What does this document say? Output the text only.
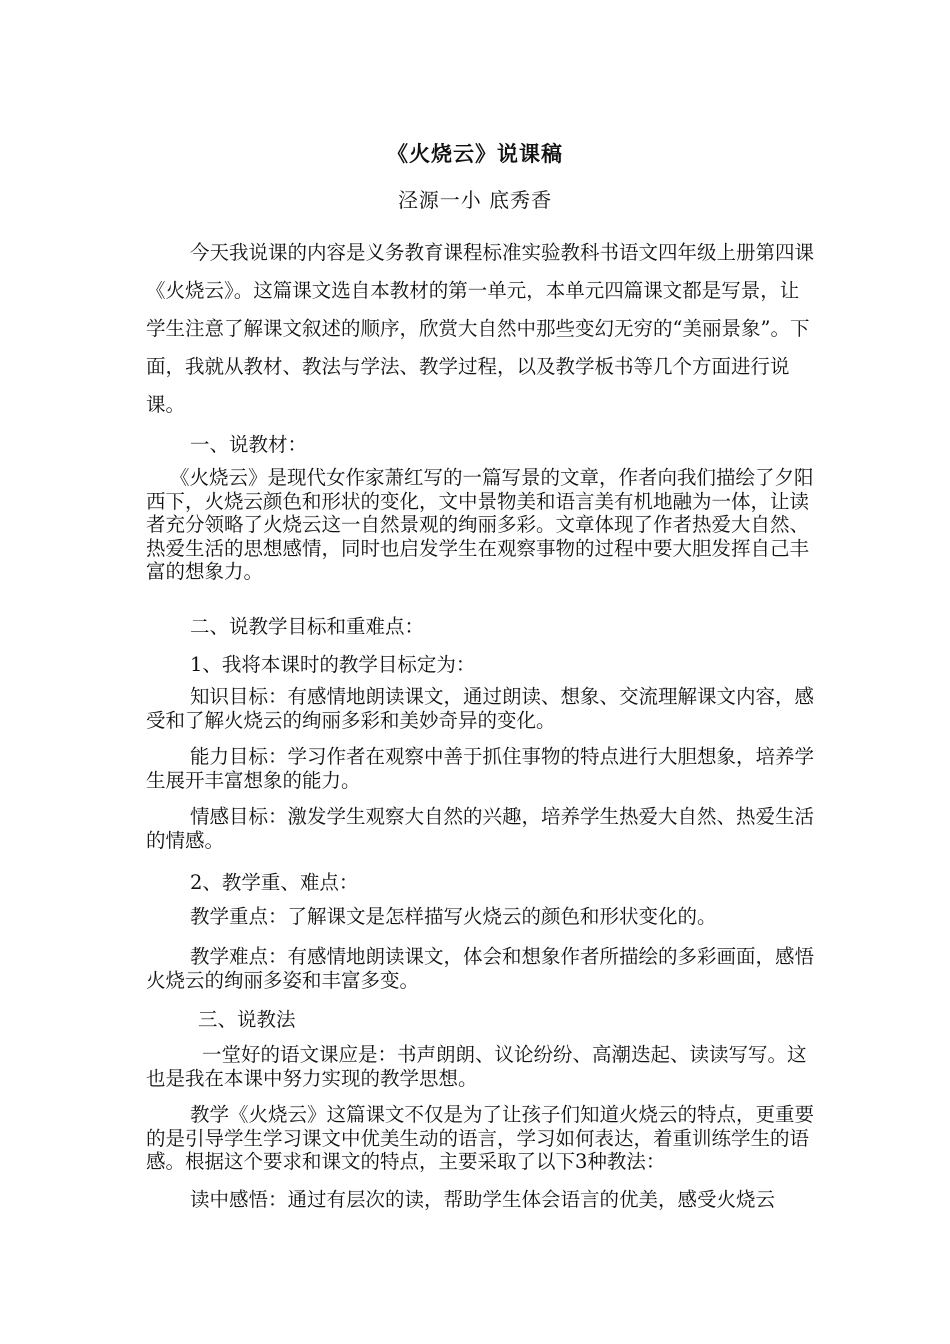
《火烧云》说课稿
泾源一小 底秀香

今天我说课的内容是义务教育课程标准实验教科书语文四年级上册第四课《火烧云》。这篇课文选自本教材的第一单元，本单元四篇课文都是写景，让学生注意了解课文叙述的顺序，欣赏大自然中那些变幻无穷的“美丽景象”。下面，我就从教材、教法与学法、教学过程，以及教学板书等几个方面进行说课。

一、说教材：

《火烧云》是现代女作家萧红写的一篇写景的文章，作者向我们描绘了夕阳西下，火烧云颜色和形状的变化，文中景物美和语言美有机地融为一体，让读者充分领略了火烧云这一自然景观的绚丽多彩。文章体现了作者热爱大自然、热爱生活的思想感情，同时也启发学生在观察事物的过程中要大胆发挥自己丰富的想象力。

二、说教学目标和重难点：

1、我将本课时的教学目标定为：

知识目标：有感情地朗读课文，通过朗读、想象、交流理解课文内容，感受和了解火烧云的绚丽多彩和美妙奇异的变化。

能力目标：学习作者在观察中善于抓住事物的特点进行大胆想象，培养学生展开丰富想象的能力。

情感目标：激发学生观察大自然的兴趣，培养学生热爱大自然、热爱生活的情感。

2、教学重、难点：

教学重点：了解课文是怎样描写火烧云的颜色和形状变化的。

教学难点：有感情地朗读课文，体会和想象作者所描绘的多彩画面，感悟火烧云的绚丽多姿和丰富多变。

三、说教法

一堂好的语文课应是：书声朗朗、议论纷纷、高潮迭起、读读写写。这也是我在本课中努力实现的教学思想。

教学《火烧云》这篇课文不仅是为了让孩子们知道火烧云的特点，更重要的是引导学生学习课文中优美生动的语言，学习如何表达，着重训练学生的语感。根据这个要求和课文的特点，主要采取了以下3种教法：

读中感悟：通过有层次的读，帮助学生体会语言的优美，感受火烧云
